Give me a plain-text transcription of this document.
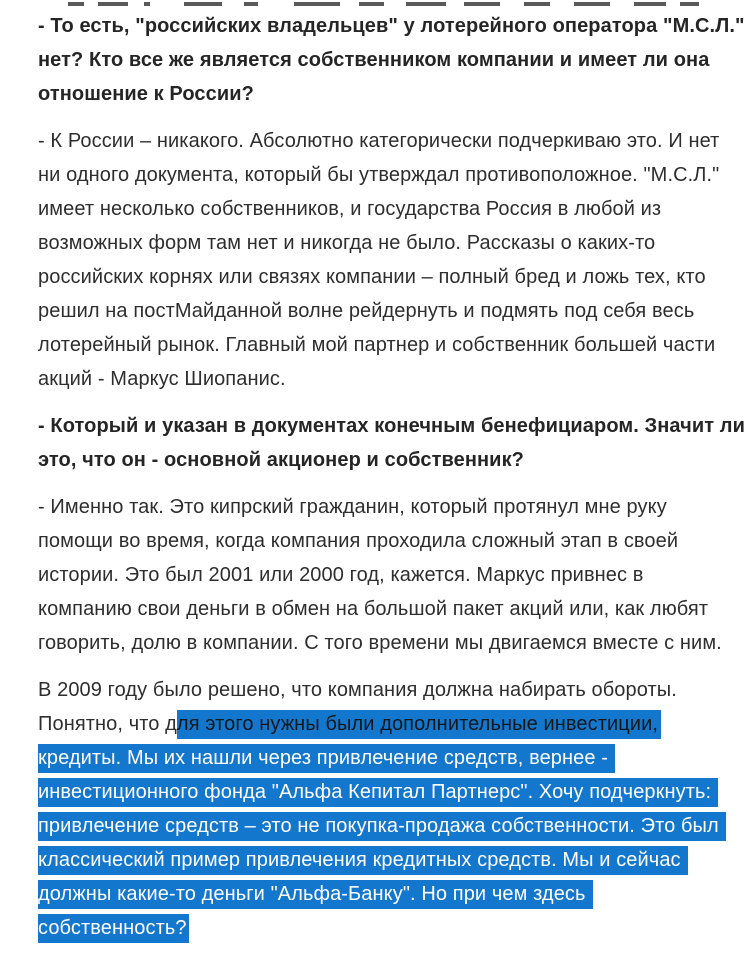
- То есть, "российских владельцев" у лотерейного оператора "М.С.Л."
нет? Кто все же является собственником компании и имеет ли она
отношение к России?

- К России – никакого. Абсолютно категорически подчеркиваю это. И нет
ни одного документа, который бы утверждал противоположное. "М.С.Л."
имеет несколько собственников, и государства Россия в любой из
возможных форм там нет и никогда не было. Рассказы о каких-то
российских корнях или связях компании – полный бред и ложь тех, кто
решил на постМайданной волне рейдернуть и подмять под себя весь
лотерейный рынок. Главный мой партнер и собственник большей части
акций - Маркус Шиопанис.

- Который и указан в документах конечным бенефициаром. Значит ли
это, что он - основной акционер и собственник?

- Именно так. Это кипрский гражданин, который протянул мне руку
помощи во время, когда компания проходила сложный этап в своей
истории. Это был 2001 или 2000 год, кажется. Маркус привнес в
компанию свои деньги в обмен на большой пакет акций или, как любят
говорить, долю в компании. С того времени мы двигаемся вместе с ним.

В 2009 году было решено, что компания должна набирать обороты.
Понятно, что для этого нужны были дополнительные инвестиции,
кредиты. Мы их нашли через привлечение средств, вернее -
инвестиционного фонда "Альфа Кепитал Партнерс". Хочу подчеркнуть:
привлечение средств – это не покупка-продажа собственности. Это был
классический пример привлечения кредитных средств. Мы и сейчас
должны какие-то деньги "Альфа-Банку". Но при чем здесь
собственность?
